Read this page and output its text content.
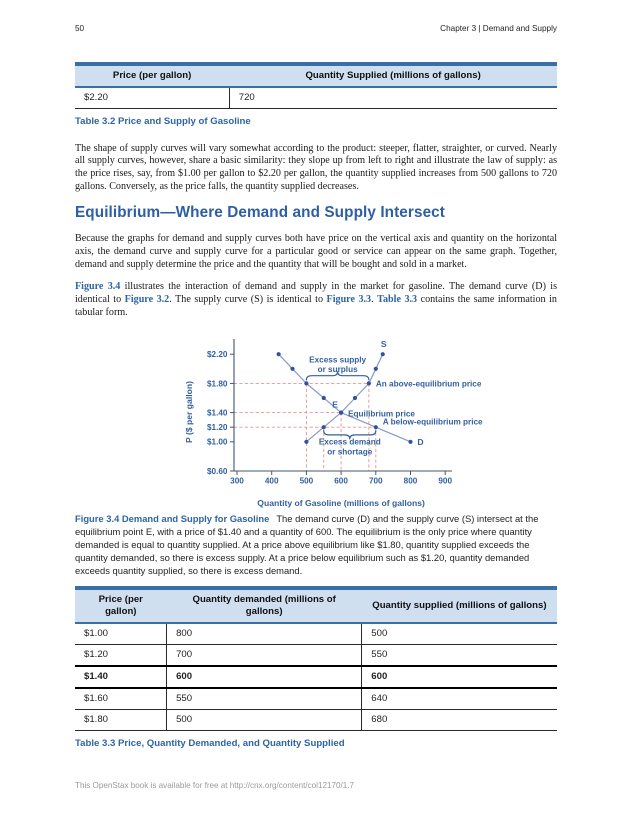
50	Chapter 3 | Demand and Supply
Price (per gallon)	Quantity Supplied (millions of gallons)
$2.20	720
Table 3.2 Price and Supply of Gasoline

The shape of supply curves will vary somewhat according to the product: steeper, flatter, straighter, or curved. Nearly all supply curves, however, share a basic similarity: they slope up from left to right and illustrate the law of supply: as the price rises, say, from $1.00 per gallon to $2.20 per gallon, the quantity supplied increases from 500 gallons to 720 gallons. Conversely, as the price falls, the quantity supplied decreases.

Equilibrium—Where Demand and Supply Intersect

Because the graphs for demand and supply curves both have price on the vertical axis and quantity on the horizontal axis, the demand curve and supply curve for a particular good or service can appear on the same graph. Together, demand and supply determine the price and the quantity that will be bought and sold in a market.

Figure 3.4 illustrates the interaction of demand and supply in the market for gasoline. The demand curve (D) is identical to Figure 3.2. The supply curve (S) is identical to Figure 3.3. Table 3.3 contains the same information in tabular form.

300	400	500	600	700	800	900
$2.20
$1.80
$1.40
$1.20
$1.00
$0.60
S
D
Excess supply
or surplus
An above-equilibrium price
E
Equilibrium price
A below-equilibrium price
Excess demand
or shortage
Quantity of Gasoline (millions of gallons)
P ($ per gallon)

Figure 3.4 Demand and Supply for Gasoline The demand curve (D) and the supply curve (S) intersect at the equilibrium point E, with a price of $1.40 and a quantity of 600. The equilibrium is the only price where quantity demanded is equal to quantity supplied. At a price above equilibrium like $1.80, quantity supplied exceeds the quantity demanded, so there is excess supply. At a price below equilibrium such as $1.20, quantity demanded exceeds quantity supplied, so there is excess demand.

Price (per gallon)	Quantity demanded (millions of gallons)	Quantity supplied (millions of gallons)
$1.00	800	500
$1.20	700	550
$1.40	600	600
$1.60	550	640
$1.80	500	680
Table 3.3 Price, Quantity Demanded, and Quantity Supplied
This OpenStax book is available for free at http://cnx.org/content/col12170/1.7
